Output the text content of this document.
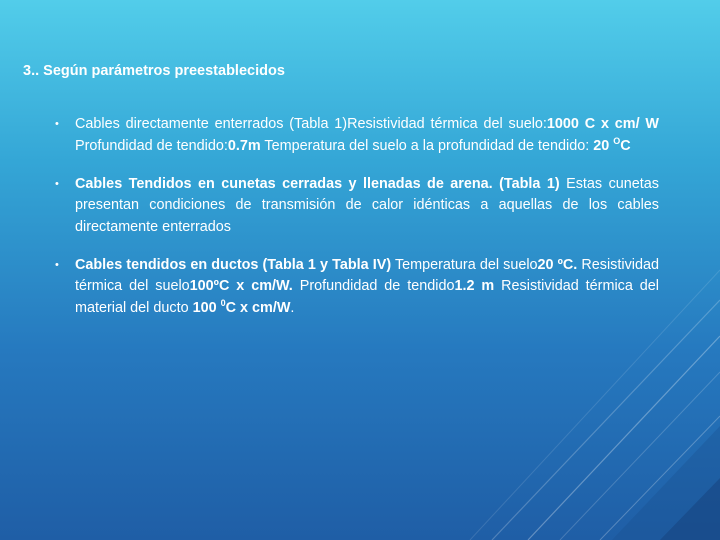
3.. Según parámetros preestablecidos
• Cables directamente enterrados (Tabla 1)Resistividad térmica del suelo:1000 C x cm/ W Profundidad de tendido:0.7m Temperatura del suelo a la profundidad de tendido: 20 $^O$C
• Cables Tendidos en cunetas cerradas y llenadas de arena. (Tabla 1) Estas cunetas presentan condiciones de transmisión de calor idénticas a aquellas de los cables directamente enterrados
• Cables tendidos en ductos (Tabla 1 y Tabla IV) Temperatura del suelo20 ºC. Resistividad térmica del suelo100ºC x cm/W. Profundidad de tendido1.2 m Resistividad térmica del material del ducto 100 $^0$C x cm/W.
